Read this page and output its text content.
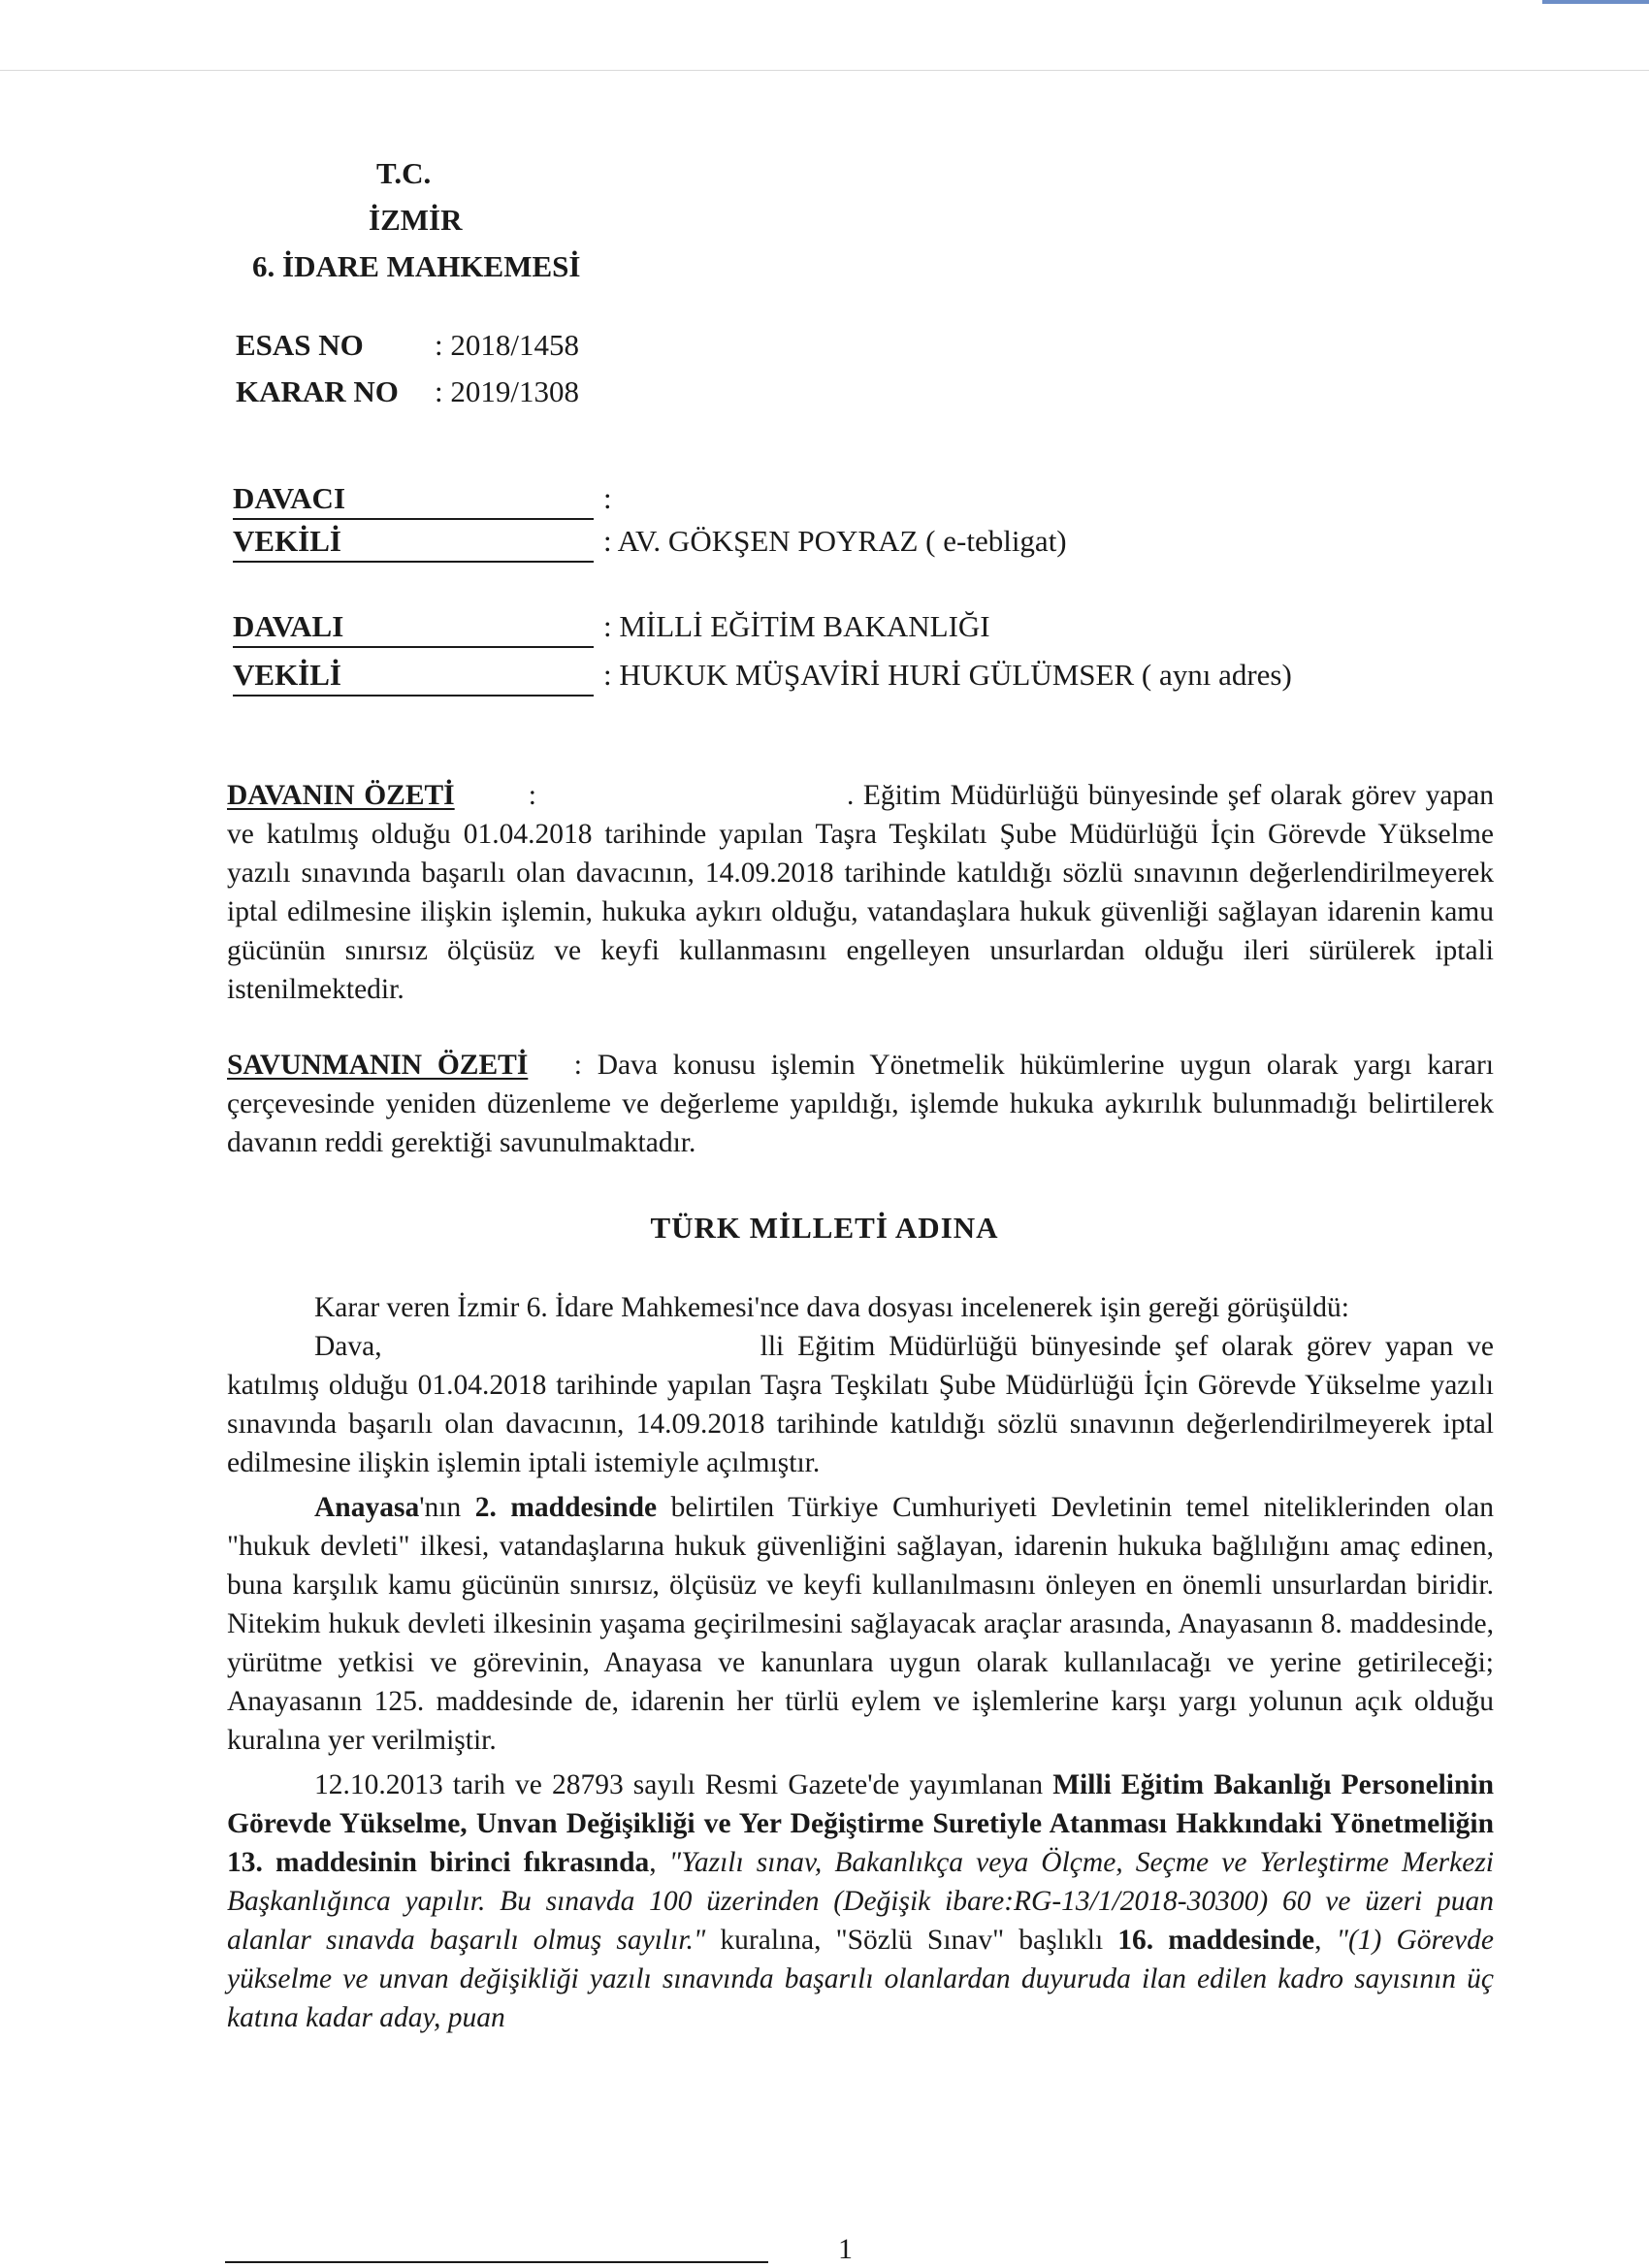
T.C.
İZMİR
6. İDARE MAHKEMESİ
ESAS NO : 2018/1458
KARAR NO : 2019/1308
DAVACI	:
VEKİLİ	: AV. GÖKŞEN POYRAZ ( e-tebligat)
DAVALI	: MİLLİ EĞİTİM BAKANLIĞI
VEKİLİ	: HUKUK MÜŞAVİRİ HURİ GÜLÜMSER ( aynı adres)

DAVANIN ÖZETİ	:	. Eğitim Müdürlüğü bünyesinde şef olarak görev yapan ve katılmış olduğu 01.04.2018 tarihinde yapılan Taşra Teşkilatı Şube Müdürlüğü İçin Görevde Yükselme yazılı sınavında başarılı olan davacının, 14.09.2018 tarihinde katıldığı sözlü sınavının değerlendirilmeyerek iptal edilmesine ilişkin işlemin, hukuka aykırı olduğu, vatandaşlara hukuk güvenliği sağlayan idarenin kamu gücünün sınırsız ölçüsüz ve keyfi kullanmasını engelleyen unsurlardan olduğu ileri sürülerek iptali istenilmektedir.

SAVUNMANIN ÖZETİ : Dava konusu işlemin Yönetmelik hükümlerine uygun olarak yargı kararı çerçevesinde yeniden düzenleme ve değerleme yapıldığı, işlemde hukuka aykırılık bulunmadığı belirtilerek davanın reddi gerektiği savunulmaktadır.

TÜRK MİLLETİ ADINA

Karar veren İzmir 6. İdare Mahkemesi'nce dava dosyası incelenerek işin gereği görüşüldü:

Dava,	lli Eğitim Müdürlüğü bünyesinde şef olarak görev yapan ve katılmış olduğu 01.04.2018 tarihinde yapılan Taşra Teşkilatı Şube Müdürlüğü İçin Görevde Yükselme yazılı sınavında başarılı olan davacının, 14.09.2018 tarihinde katıldığı sözlü sınavının değerlendirilmeyerek iptal edilmesine ilişkin işlemin iptali istemiyle açılmıştır.

Anayasa'nın 2. maddesinde belirtilen Türkiye Cumhuriyeti Devletinin temel niteliklerinden olan "hukuk devleti" ilkesi, vatandaşlarına hukuk güvenliğini sağlayan, idarenin hukuka bağlılığını amaç edinen, buna karşılık kamu gücünün sınırsız, ölçüsüz ve keyfi kullanılmasını önleyen en önemli unsurlardan biridir. Nitekim hukuk devleti ilkesinin yaşama geçirilmesini sağlayacak araçlar arasında, Anayasanın 8. maddesinde, yürütme yetkisi ve görevinin, Anayasa ve kanunlara uygun olarak kullanılacağı ve yerine getirileceği; Anayasanın 125. maddesinde de, idarenin her türlü eylem ve işlemlerine karşı yargı yolunun açık olduğu kuralına yer verilmiştir.

12.10.2013 tarih ve 28793 sayılı Resmi Gazete'de yayımlanan Milli Eğitim Bakanlığı Personelinin Görevde Yükselme, Unvan Değişikliği ve Yer Değiştirme Suretiyle Atanması Hakkındaki Yönetmeliğin 13. maddesinin birinci fıkrasında, "Yazılı sınav, Bakanlıkça veya Ölçme, Seçme ve Yerleştirme Merkezi Başkanlığınca yapılır. Bu sınavda 100 üzerinden (Değişik ibare:RG-13/1/2018-30300) 60 ve üzeri puan alanlar sınavda başarılı olmuş sayılır." kuralına, "Sözlü Sınav" başlıklı 16. maddesinde, "(1) Görevde yükselme ve unvan değişikliği yazılı sınavında başarılı olanlardan duyuruda ilan edilen kadro sayısının üç katına kadar aday, puan

1
